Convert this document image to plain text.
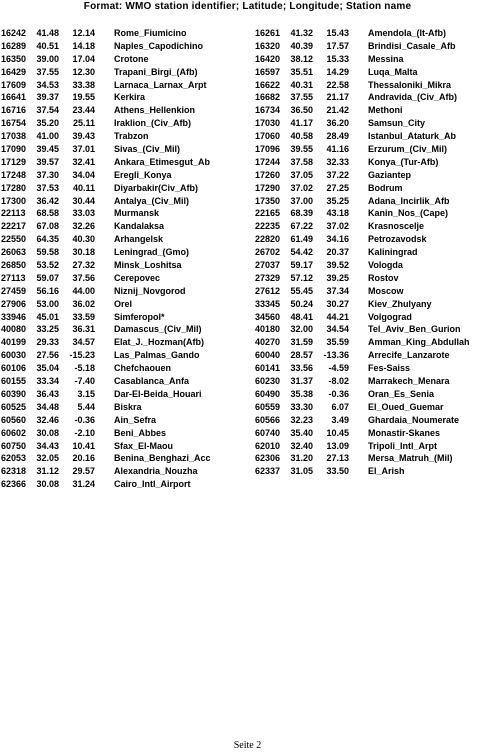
Format: WMO station identifier; Latitude; Longitude; Station name
16242	41.48	12.14 Rome_Fiumicino
16289	40.51	14.18 Naples_Capodichino
16350	39.00	17.04 Crotone
16429	37.55	12.30 Trapani_Birgi_(Afb)
17609	34.53	33.38 Larnaca_Larnax_Arpt
16641	39.37	19.55 Kerkira
16716	37.54	23.44 Athens_Hellenkion
16754	35.20	25.11 Iraklion_(Civ_Afb)
17038	41.00	39.43 Trabzon
17090	39.45	37.01 Sivas_(Civ_Mil)
17129	39.57	32.41 Ankara_Etimesgut_Ab
17248	37.30	34.04 Eregli_Konya
17280	37.53	40.11 Diyarbakir(Civ_Afb)
17300	36.42	30.44 Antalya_(Civ_Mil)
22113	68.58	33.03 Murmansk
22217	67.08	32.26 Kandalaksa
22550	64.35	40.30 Arhangelsk
26063	59.58	30.18 Leningrad_(Gmo)
26850	53.52	27.32 Minsk_Loshitsa
27113	59.07	37.56 Cerepovec
27459	56.16	44.00 Niznij_Novgorod
27906	53.00	36.02 Orel
33946	45.01	33.59 Simferopol*
40080	33.25	36.31 Damascus_(Civ_Mil)
40199	29.33	34.57 Elat_J._Hozman(Afb)
60030	27.56	-15.23 Las_Palmas_Gando
60106	35.04	-5.18 Chefchaouen
60155	33.34	-7.40 Casablanca_Anfa
60390	36.43	3.15 Dar-El-Beida_Houari
60525	34.48	5.44 Biskra
60560	32.46	-0.36 Ain_Sefra
60602	30.08	-2.10 Beni_Abbes
60750	34.43	10.41 Sfax_El-Maou
62053	32.05	20.16 Benina_Benghazi_Acc
62318	31.12	29.57 Alexandria_Nouzha
62366	30.08	31.24 Cairo_Intl_Airport
16261	41.32	15.43 Amendola_(It-Afb)
16320	40.39	17.57 Brindisi_Casale_Afb
16420	38.12	15.33 Messina
16597	35.51	14.29 Luqa_Malta
16622	40.31	22.58 Thessaloniki_Mikra
16682	37.55	21.17 Andravida_(Civ_Afb)
16734	36.50	21.42 Methoni
17030	41.17	36.20 Samsun_City
17060	40.58	28.49 Istanbul_Ataturk_Ab
17096	39.55	41.16 Erzurum_(Civ_Mil)
17244	37.58	32.33 Konya_(Tur-Afb)
17260	37.05	37.22 Gaziantep
17290	37.02	27.25 Bodrum
17350	37.00	35.25 Adana_Incirlik_Afb
22165	68.39	43.18 Kanin_Nos_(Cape)
22235	67.22	37.02 Krasnoscelje
22820	61.49	34.16 Petrozavodsk
26702	54.42	20.37 Kaliningrad
27037	59.17	39.52 Vologda
27329	57.12	39.25 Rostov
27612	55.45	37.34 Moscow
33345	50.24	30.27 Kiev_Zhulyany
34560	48.41	44.21 Volgograd
40180	32.00	34.54 Tel_Aviv_Ben_Gurion
40270	31.59	35.59 Amman_King_Abdullah
60040	28.57	-13.36 Arrecife_Lanzarote
60141	33.56	-4.59 Fes-Saiss
60230	31.37	-8.02 Marrakech_Menara
60490	35.38	-0.36 Oran_Es_Senia
60559	33.30	6.07 El_Oued_Guemar
60566	32.23	3.49 Ghardaia_Noumerate
60740	35.40	10.45 Monastir-Skanes
62010	32.40	13.09 Tripoli_Intl_Arpt
62306	31.20	27.13 Mersa_Matruh_(Mil)
62337	31.05	33.50 El_Arish
Seite 2
